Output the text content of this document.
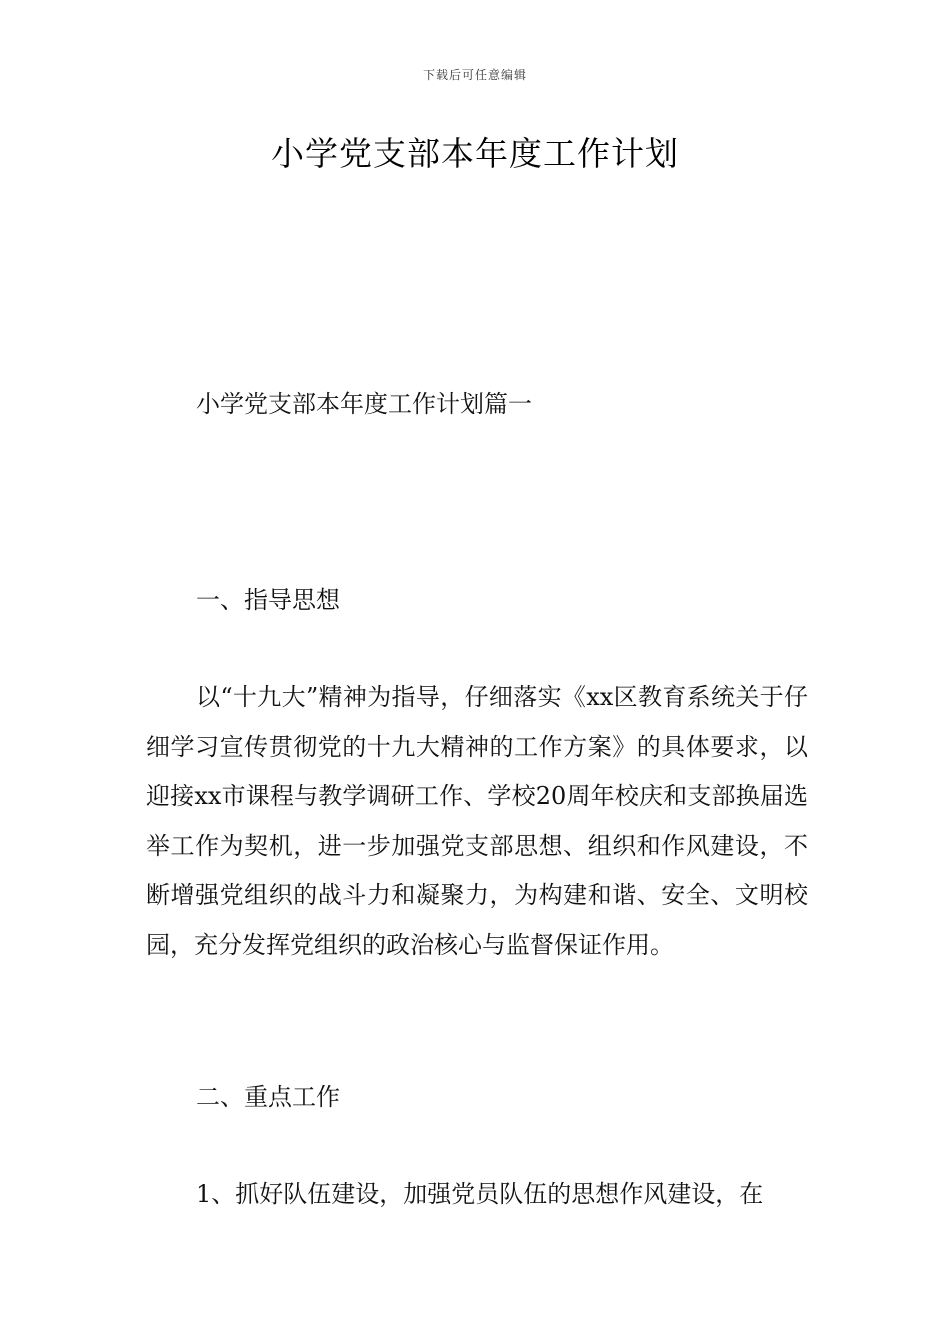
下载后可任意编辑
小学党支部本年度工作计划

小学党支部本年度工作计划篇一

一、指导思想

以“十九大”精神为指导，仔细落实《xx区教育系统关于仔细学习宣传贯彻党的十九大精神的工作方案》的具体要求，以迎接xx市课程与教学调研工作、学校20周年校庆和支部换届选举工作为契机，进一步加强党支部思想、组织和作风建设，不断增强党组织的战斗力和凝聚力，为构建和谐、安全、文明校园，充分发挥党组织的政治核心与监督保证作用。

二、重点工作

1、抓好队伍建设，加强党员队伍的思想作风建设，在
